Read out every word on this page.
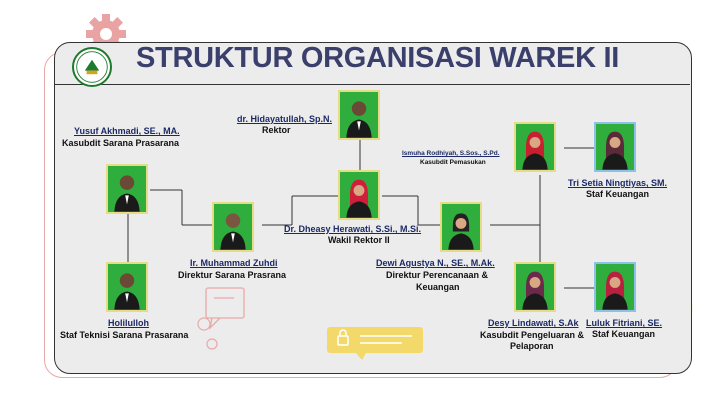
STRUKTUR ORGANISASI WAREK II
dr. Hidayatullah, Sp.N.
Rektor
Dr. Dheasy Herawati, S.Si., M.Si.
Wakil Rektor II
Yusuf Akhmadi, SE., MA.
Kasubdit Sarana Prasarana
Ir. Muhammad Zuhdi
Direktur Sarana Prasrana
Holilulloh
Staf Teknisi Sarana Prasarana
Dewi Agustya N., SE., M.Ak.
Direktur Perencanaan &
Keuangan
Ismuha Rodhiyah, S.Sos., S.Pd.
Kasubdit Pemasukan
Tri Setia Ningtiyas, SM.
Staf Keuangan
Desy Lindawati, S.Ak
Kasubdit Pengeluaran &
Pelaporan
Luluk Fitriani, SE.
Staf Keuangan
